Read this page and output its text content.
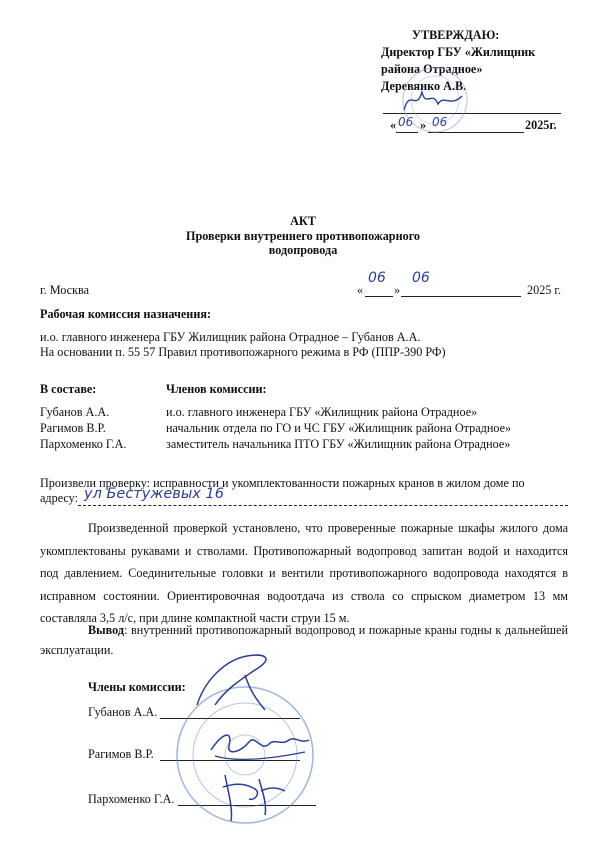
УТВЕРЖДАЮ:
Директор ГБУ «Жилищник
района Отрадное»
Деревянко А.В.
« 06 » 06	2025г.
АКТ
Проверки внутреннего противопожарного
водопровода
г. Москва	«
06
»
06
2025 г.
Рабочая комиссия назначения:
и.о. главного инженера ГБУ Жилищник района Отрадное – Губанов А.А.
На основании п. 55 57 Правил противопожарного режима в РФ (ППР-390 РФ)
В составе:	Членов комиссии:
Губанов А.А.	и.о. главного инженера ГБУ «Жилищник района Отрадное»
Рагимов В.Р.	начальник отдела по ГО и ЧС ГБУ «Жилищник района Отрадное»
Пархоменко Г.А.	заместитель начальника ПТО ГБУ «Жилищник района Отрадное»
Произвели проверку: исправности и укомплектованности пожарных кранов в жилом доме по
адресу: ул Бестужевых 16
Произведенной проверкой установлено, что проверенные пожарные шкафы жилого дома укомплектованы рукавами и стволами. Противопожарный водопровод запитан водой и находится под давлением. Соединительные головки и вентили противопожарного водопровода находятся в исправном состоянии. Ориентировочная водоотдача из ствола со спрыском диаметром 13 мм составляла 3,5 л/с, при длине компактной части струи 15 м.
Вывод: внутренний противопожарный водопровод и пожарные краны годны к дальнейшей эксплуатации.
Члены комиссии:
Губанов А.А.
Рагимов В.Р.
Пархоменко Г.А.
